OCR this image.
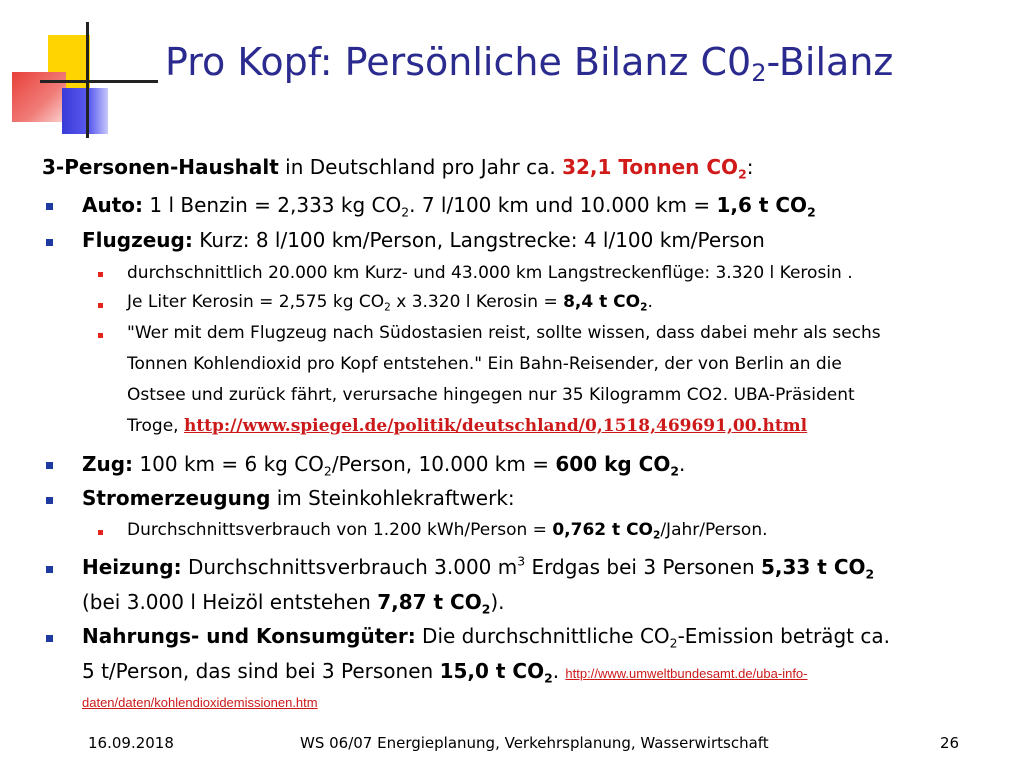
Pro Kopf: Persönliche Bilanz $C0_2$-Bilanz
3-Personen-Haushalt in Deutschland pro Jahr ca. 32,1 Tonnen $CO_2$:
Auto: 1 l Benzin = 2,333 kg $CO_2$. 7 l/100 km und 10.000 km = 1,6 t $CO_2$
Flugzeug: Kurz: 8 l/100 km/Person, Langstrecke: 4 l/100 km/Person
durchschnittlich 20.000 km Kurz- und 43.000 km Langstreckenflüge: 3.320 l Kerosin .
Je Liter Kerosin = 2,575 kg $CO_2$ x 3.320 l Kerosin = 8,4 t $CO_2$.
"Wer mit dem Flugzeug nach Südostasien reist, sollte wissen, dass dabei mehr als sechs
Tonnen Kohlendioxid pro Kopf entstehen." Ein Bahn-Reisender, der von Berlin an die
Ostsee und zurück fährt, verursache hingegen nur 35 Kilogramm CO2. UBA-Präsident
Troge, http://www.spiegel.de/politik/deutschland/0,1518,469691,00.html
Zug: 100 km = 6 kg $CO_2$/Person, 10.000 km = 600 kg $CO_2$.
Stromerzeugung im Steinkohlekraftwerk:
Durchschnittsverbrauch von 1.200 kWh/Person = 0,762 t $CO_2/Jahr$/Person.
Heizung: Durchschnittsverbrauch 3.000 $m^3$ Erdgas bei 3 Personen 5,33 t $CO_2$
(bei 3.000 l Heizöl entstehen 7,87 t $CO_2$).
Nahrungs- und Konsumgüter: Die durchschnittliche $CO_2$-Emission beträgt ca.
5 t/Person, das sind bei 3 Personen 15,0 t $CO_2$. http://www.umweltbundesamt.de/uba-info-
daten/daten/kohlendioxidemissionen.htm
16.09.2018	WS 06/07 Energieplanung, Verkehrsplanung, Wasserwirtschaft	26
